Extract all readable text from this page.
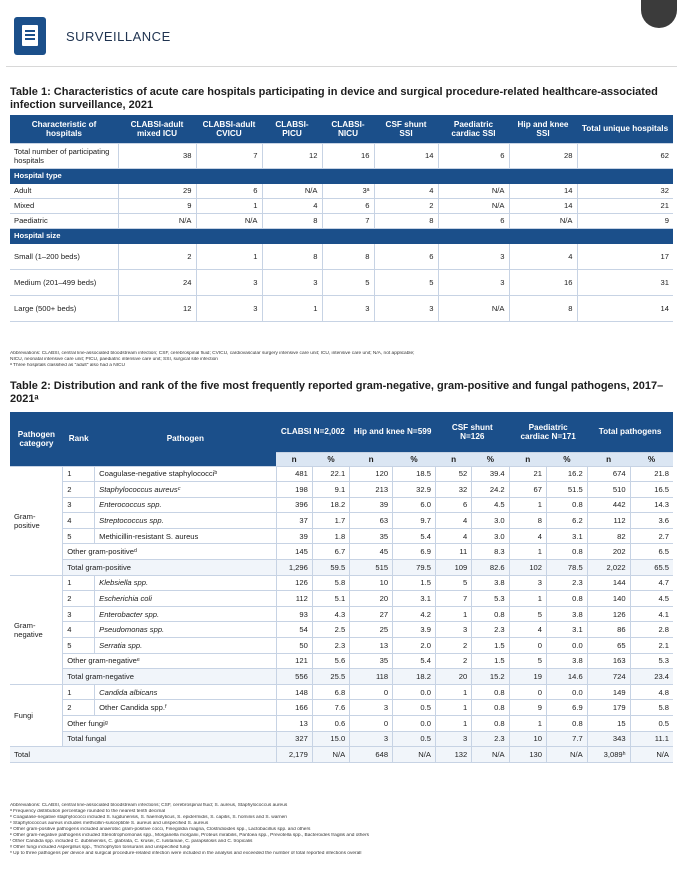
SURVEILLANCE
Table 1: Characteristics of acute care hospitals participating in device and surgical procedure-related healthcare-associated infection surveillance, 2021
Characteristic of hospitals	CLABSI-adult mixed ICU	CLABSI-adult CVICU	CLABSI-PICU	CLABSI-NICU	CSF shunt SSI	Paediatric cardiac SSI	Hip and knee SSI	Total unique hospitals
Total number of participating hospitals	38	7	12	16	14	6	28	62
Hospital type								
Adult	29	6	N/A	3ᵃ	4	N/A	14	32
Mixed	9	1	4	6	2	N/A	14	21
Paediatric	N/A	N/A	8	7	8	6	N/A	9
Hospital size								
Small (1–200 beds)	2	1	8	8	6	3	4	17
Medium (201–499 beds)	24	3	3	5	5	3	16	31
Large (500+ beds)	12	3	1	3	3	N/A	8	14
Abbreviations: CLABSI, central line-associated bloodstream infection; CSF, cerebrospinal fluid; CVICU, cardiovascular surgery intensive care unit; ICU, intensive care unit; N/A, not applicable;
NICU, neonatal intensive care unit; PICU, paediatric intensive care unit; SSI, surgical site infection
ᵃ Three hospitals classified as "adult" also had a NICU
Table 2: Distribution and rank of the five most frequently reported gram-negative, gram-positive and fungal pathogens, 2017–2021ᵃ
Pathogen category	Rank	Pathogen	CLABSI N=2,002		Hip and knee N=599		CSF shunt N=126		Paediatric cardiac N=171		Total pathogens	
			n	%	n	%	n	%	n	%	n	%
Gram-positive	1	Coagulase-negative staphylococciᵇ	481	22.1	120	18.5	52	39.4	21	16.2	674	21.8
	2	Staphylococcus aureusᶜ	198	9.1	213	32.9	32	24.2	67	51.5	510	16.5
	3	Enterococcus spp.	396	18.2	39	6.0	6	4.5	1	0.8	442	14.3
	4	Streptococcus spp.	37	1.7	63	9.7	4	3.0	8	6.2	112	3.6
	5	Methicillin-resistant S. aureus	39	1.8	35	5.4	4	3.0	4	3.1	82	2.7
	Other gram-positiveᵈ		145	6.7	45	6.9	11	8.3	1	0.8	202	6.5
	Total gram-positive		1,296	59.5	515	79.5	109	82.6	102	78.5	2,022	65.5
Gram-negative	1	Klebsiella spp.	126	5.8	10	1.5	5	3.8	3	2.3	144	4.7
	2	Escherichia coli	112	5.1	20	3.1	7	5.3	1	0.8	140	4.5
	3	Enterobacter spp.	93	4.3	27	4.2	1	0.8	5	3.8	126	4.1
	4	Pseudomonas spp.	54	2.5	25	3.9	3	2.3	4	3.1	86	2.8
	5	Serratia spp.	50	2.3	13	2.0	2	1.5	0	0.0	65	2.1
	Other gram-negativeᵉ		121	5.6	35	5.4	2	1.5	5	3.8	163	5.3
	Total gram-negative		556	25.5	118	18.2	20	15.2	19	14.6	724	23.4
Fungi	1	Candida albicans	148	6.8	0	0.0	1	0.8	0	0.0	149	4.8
	2	Other Candida spp.ᶠ	166	7.6	3	0.5	1	0.8	9	6.9	179	5.8
	Other fungiᵍ		13	0.6	0	0.0	1	0.8	1	0.8	15	0.5
	Total fungal		327	15.0	3	0.5	3	2.3	10	7.7	343	11.1
Total			2,179	N/A	648	N/A	132	N/A	130	N/A	3,089ʰ	N/A
Abbreviations: CLABSI, central line-associated bloodstream infections; CSF, cerebrospinal fluid; S. aureus, Staphylococcus aureus
ᵃ Frequency distribution percentage rounded to the nearest tenth decimal
ᵇ Coagulase-negative staphylococci included S. lugdunensis, S. haemolyticus, S. epidermidis, S. capitis, S. hominis and S. warneri
ᶜ Staphylococcus aureus includes methicillin-susceptible S. aureus and unspecified S. aureus
ᵈ Other gram-positive pathogens included anaerobic gram-positive cocci, Finegoldia magna, Clostridioides spp., Lactobacillus spp. and others
ᵉ Other gram-negative pathogens included Stenotrophomonas spp., Morganella morganii, Proteus mirabilis, Pantoea spp., Prevotella spp., Bacteroides fragilis and others
ᶠ Other Candida spp. included C. dubliniensis, C. glabrata, C. krusei, C. lusitaniae, C. parapsilosis and C. tropicalis
ᵍ Other fungi included Aspergillus spp., Trichophyton tonsurans and unspecified fungi
ʰ Up to three pathogens per device and surgical procedure-related infection were included in the analysis and exceeded the number of total reported infections overall
